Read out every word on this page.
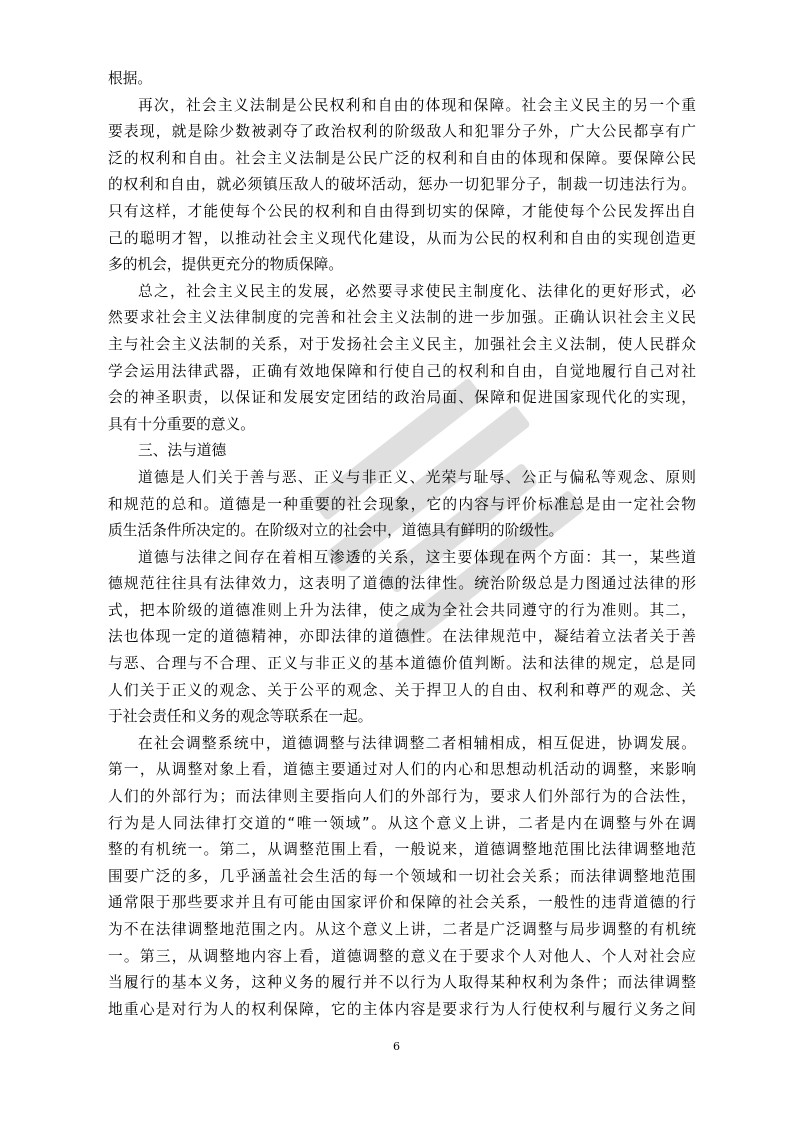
根据。
再次，社会主义法制是公民权利和自由的体现和保障。社会主义民主的另一个重
要表现，就是除少数被剥夺了政治权利的阶级敌人和犯罪分子外，广大公民都享有广
泛的权利和自由。社会主义法制是公民广泛的权利和自由的体现和保障。要保障公民
的权利和自由，就必须镇压敌人的破坏活动，惩办一切犯罪分子，制裁一切违法行为。
只有这样，才能使每个公民的权利和自由得到切实的保障，才能使每个公民发挥出自
己的聪明才智，以推动社会主义现代化建设，从而为公民的权利和自由的实现创造更
多的机会，提供更充分的物质保障。
总之，社会主义民主的发展，必然要寻求使民主制度化、法律化的更好形式，必
然要求社会主义法律制度的完善和社会主义法制的进一步加强。正确认识社会主义民
主与社会主义法制的关系，对于发扬社会主义民主，加强社会主义法制，使人民群众
学会运用法律武器，正确有效地保障和行使自己的权利和自由，自觉地履行自己对社
会的神圣职责，以保证和发展安定团结的政治局面、保障和促进国家现代化的实现，
具有十分重要的意义。
三、法与道德
道德是人们关于善与恶、正义与非正义、光荣与耻辱、公正与偏私等观念、原则
和规范的总和。道德是一种重要的社会现象，它的内容与评价标准总是由一定社会物
质生活条件所决定的。在阶级对立的社会中，道德具有鲜明的阶级性。
道德与法律之间存在着相互渗透的关系，这主要体现在两个方面：其一，某些道
德规范往往具有法律效力，这表明了道德的法律性。统治阶级总是力图通过法律的形
式，把本阶级的道德准则上升为法律，使之成为全社会共同遵守的行为准则。其二，
法也体现一定的道德精神，亦即法律的道德性。在法律规范中，凝结着立法者关于善
与恶、合理与不合理、正义与非正义的基本道德价值判断。法和法律的规定，总是同
人们关于正义的观念、关于公平的观念、关于捍卫人的自由、权利和尊严的观念、关
于社会责任和义务的观念等联系在一起。
在社会调整系统中，道德调整与法律调整二者相辅相成，相互促进，协调发展。
第一，从调整对象上看，道德主要通过对人们的内心和思想动机活动的调整，来影响
人们的外部行为；而法律则主要指向人们的外部行为，要求人们外部行为的合法性，
行为是人同法律打交道的“唯一领域”。从这个意义上讲，二者是内在调整与外在调
整的有机统一。第二，从调整范围上看，一般说来，道德调整地范围比法律调整地范
围要广泛的多，几乎涵盖社会生活的每一个领域和一切社会关系；而法律调整地范围
通常限于那些要求并且有可能由国家评价和保障的社会关系，一般性的违背道德的行
为不在法律调整地范围之内。从这个意义上讲，二者是广泛调整与局步调整的有机统
一。第三，从调整地内容上看，道德调整的意义在于要求个人对他人、个人对社会应
当履行的基本义务，这种义务的履行并不以行为人取得某种权利为条件；而法律调整
地重心是对行为人的权利保障，它的主体内容是要求行为人行使权利与履行义务之间
6
